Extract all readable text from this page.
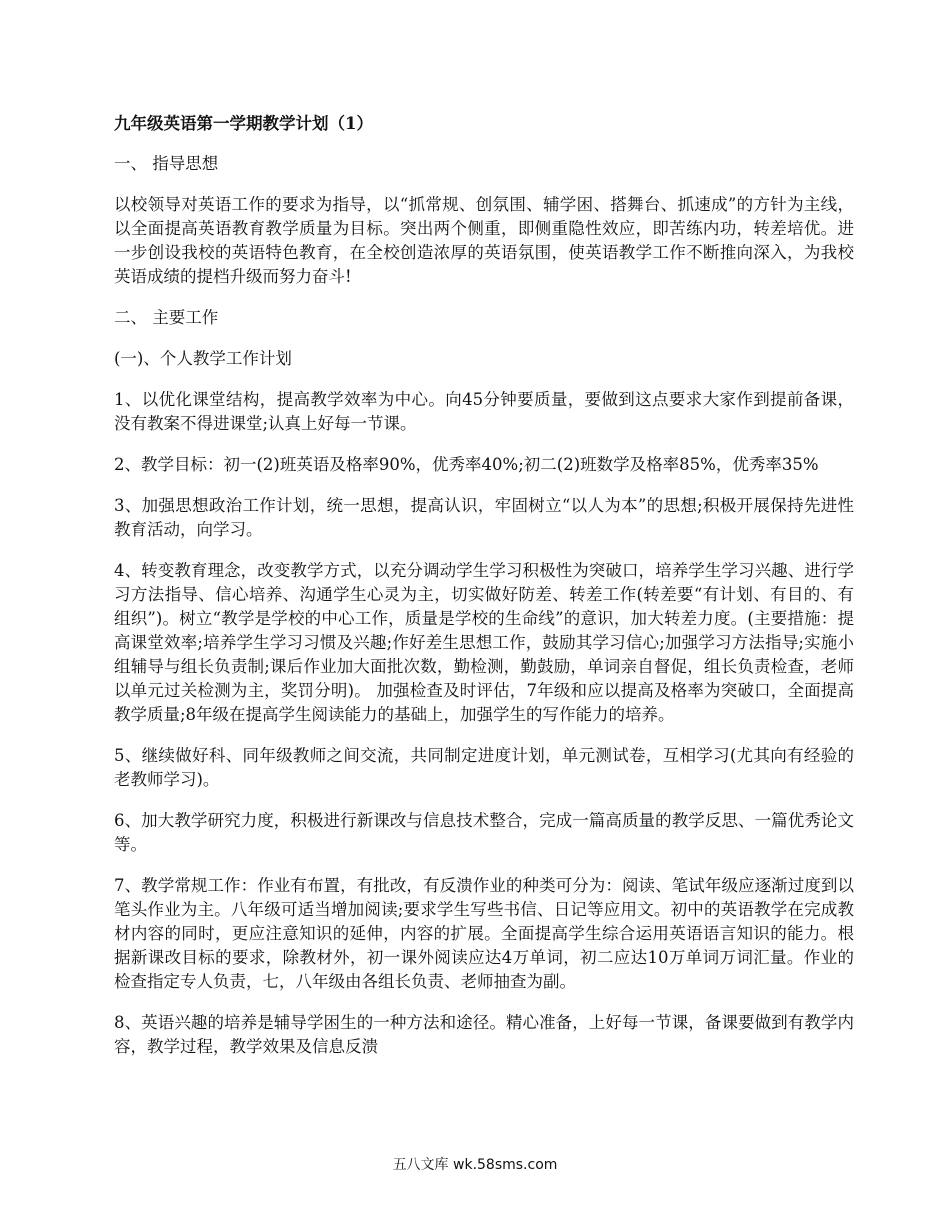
九年级英语第一学期教学计划（1）
一、 指导思想
以校领导对英语工作的要求为指导，以“抓常规、创氛围、辅学困、搭舞台、抓速成”的方针为主线，以全面提高英语教育教学质量为目标。突出两个侧重，即侧重隐性效应，即苦练内功，转差培优。进一步创设我校的英语特色教育，在全校创造浓厚的英语氛围，使英语教学工作不断推向深入，为我校英语成绩的提档升级而努力奋斗!
二、 主要工作
(一)、个人教学工作计划
1、以优化课堂结构，提高教学效率为中心。向45分钟要质量，要做到这点要求大家作到提前备课，没有教案不得进课堂;认真上好每一节课。
2、教学目标：初一(2)班英语及格率90%，优秀率40%;初二(2)班数学及格率85%，优秀率35%
3、加强思想政治工作计划，统一思想，提高认识，牢固树立“以人为本”的思想;积极开展保持先进性教育活动，向学习。
4、转变教育理念，改变教学方式，以充分调动学生学习积极性为突破口，培养学生学习兴趣、进行学习方法指导、信心培养、沟通学生心灵为主，切实做好防差、转差工作(转差要“有计划、有目的、有组织”)。树立“教学是学校的中心工作，质量是学校的生命线”的意识，加大转差力度。(主要措施：提高课堂效率;培养学生学习习惯及兴趣;作好差生思想工作，鼓励其学习信心;加强学习方法指导;实施小组辅导与组长负责制;课后作业加大面批次数，勤检测，勤鼓励，单词亲自督促，组长负责检查，老师以单元过关检测为主，奖罚分明)。 加强检查及时评估，7年级和应以提高及格率为突破口，全面提高教学质量;8年级在提高学生阅读能力的基础上，加强学生的写作能力的培养。
5、继续做好科、同年级教师之间交流，共同制定进度计划，单元测试卷，互相学习(尤其向有经验的老教师学习)。
6、加大教学研究力度，积极进行新课改与信息技术整合，完成一篇高质量的教学反思、一篇优秀论文等。
7、教学常规工作：作业有布置，有批改，有反溃作业的种类可分为：阅读、笔试年级应逐渐过度到以笔头作业为主。八年级可适当增加阅读;要求学生写些书信、日记等应用文。初中的英语教学在完成教材内容的同时，更应注意知识的延伸，内容的扩展。全面提高学生综合运用英语语言知识的能力。根据新课改目标的要求，除教材外，初一课外阅读应达4万单词，初二应达10万单词万词汇量。作业的检查指定专人负责，七，八年级由各组长负责、老师抽查为副。
8、英语兴趣的培养是辅导学困生的一种方法和途径。精心准备，上好每一节课，备课要做到有教学内容，教学过程，教学效果及信息反溃
五八文库 wk.58sms.com
